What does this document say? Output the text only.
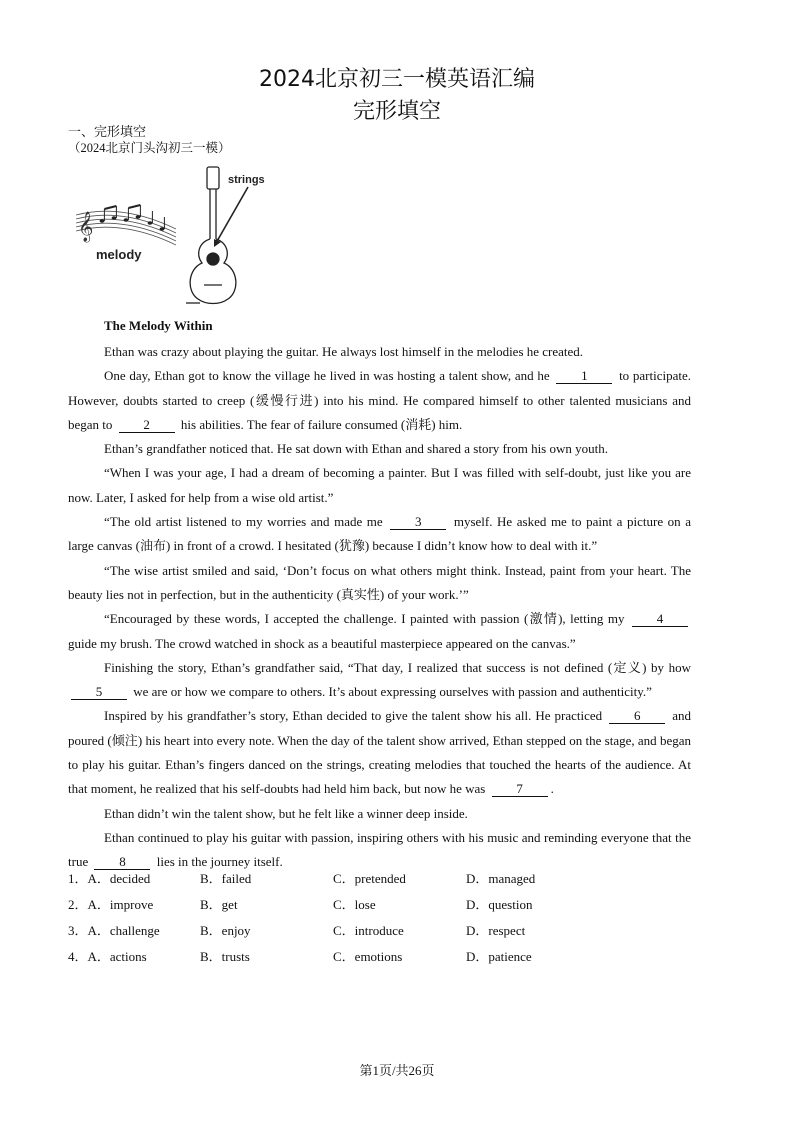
2024北京初三一模英语汇编
完形填空
一、完形填空
（2024北京门头沟初三一模）
𝄞
melody
strings
The Melody Within

Ethan was crazy about playing the guitar. He always lost himself in the melodies he created.

One day, Ethan got to know the village he lived in was hosting a talent show, and he 1 to participate. However, doubts started to creep (缓慢行进) into his mind. He compared himself to other talented musicians and began to 2 his abilities. The fear of failure consumed (消耗) him.

Ethan’s grandfather noticed that. He sat down with Ethan and shared a story from his own youth.

“When I was your age, I had a dream of becoming a painter. But I was filled with self-doubt, just like you are now. Later, I asked for help from a wise old artist.”

“The old artist listened to my worries and made me 3 myself. He asked me to paint a picture on a large canvas (油布) in front of a crowd. I hesitated (犹豫) because I didn’t know how to deal with it.”

“The wise artist smiled and said, ‘Don’t focus on what others might think. Instead, paint from your heart. The beauty lies not in perfection, but in the authenticity (真实性) of your work.’”

“Encouraged by these words, I accepted the challenge. I painted with passion (激情), letting my 4 guide my brush. The crowd watched in shock as a beautiful masterpiece appeared on the canvas.”

Finishing the story, Ethan’s grandfather said, “That day, I realized that success is not defined (定义) by how 5 we are or how we compare to others. It’s about expressing ourselves with passion and authenticity.”

Inspired by his grandfather’s story, Ethan decided to give the talent show his all. He practiced 6 and poured (倾注) his heart into every note. When the day of the talent show arrived, Ethan stepped on the stage, and began to play his guitar. Ethan’s fingers danced on the strings, creating melodies that touched the hearts of the audience. At that moment, he realized that his self-doubts had held him back, but now he was 7 .

Ethan didn’t win the talent show, but he felt like a winner deep inside.

Ethan continued to play his guitar with passion, inspiring others with his music and reminding everyone that the true 8 lies in the journey itself.

1．A．decided	B．failed	C．pretended	D．managed
2．A．improve	B．get	C．lose	D．question
3．A．challenge	B．enjoy	C．introduce	D．respect
4．A．actions	B．trusts	C．emotions	D．patience
第1页/共26页
